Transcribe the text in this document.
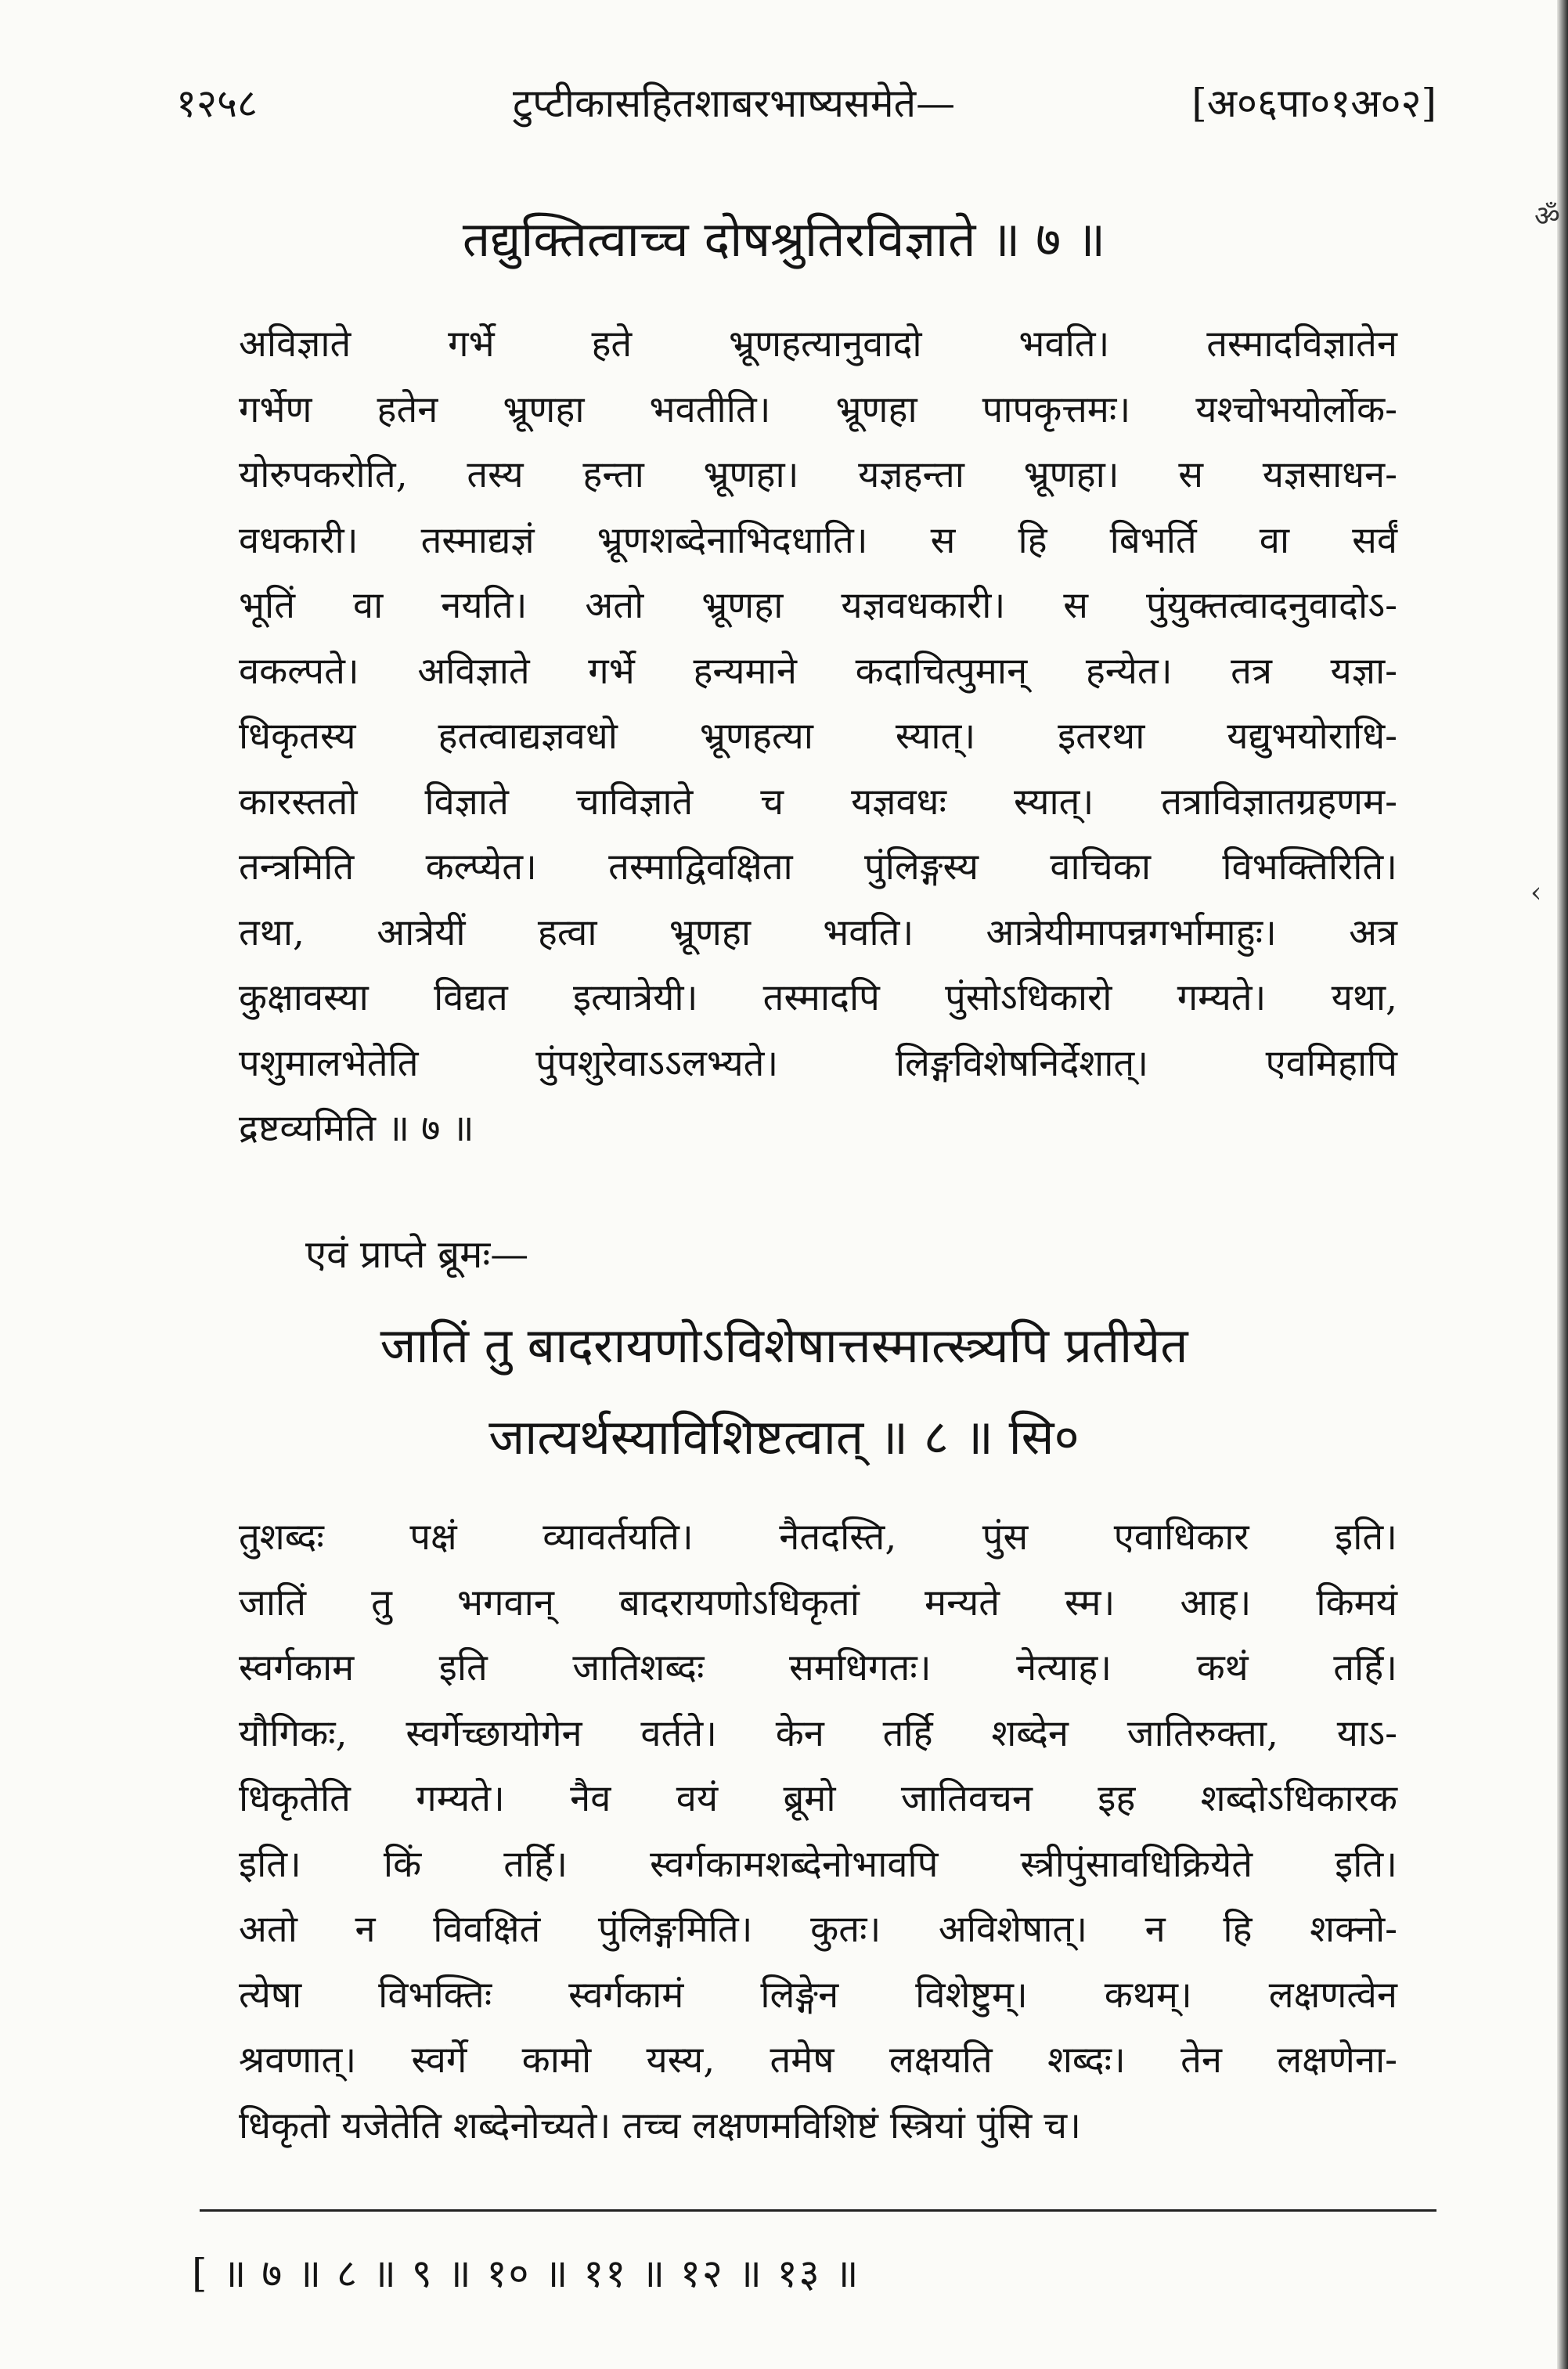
ॐ
‹
१२५८	टुप्टीकासहितशाबरभाष्यसमेते—	[अ०६पा०१अ०२]
तद्युक्तित्वाच्च दोषश्रुतिरविज्ञाते ॥ ७ ॥
अविज्ञाते गर्भे हते भ्रूणहत्यानुवादो भवति। तस्मादविज्ञातेन
गर्भेण हतेन भ्रूणहा भवतीति। भ्रूणहा पापकृत्तमः। यश्चोभयोर्लोक-
योरुपकरोति, तस्य हन्ता भ्रूणहा। यज्ञहन्ता भ्रूणहा। स यज्ञसाधन-
वधकारी। तस्माद्यज्ञं भ्रूणशब्देनाभिदधाति। स हि बिभर्ति वा सर्वं
भूतिं वा नयति। अतो भ्रूणहा यज्ञवधकारी। स पुंयुक्तत्वादनुवादोऽ-
वकल्पते। अविज्ञाते गर्भे हन्यमाने कदाचित्पुमान् हन्येत। तत्र यज्ञा-
धिकृतस्य हतत्वाद्यज्ञवधो भ्रूणहत्या स्यात्। इतरथा यद्युभयोराधि-
कारस्ततो विज्ञाते चाविज्ञाते च यज्ञवधः स्यात्। तत्राविज्ञातग्रहणम-
तन्त्रमिति कल्प्येत। तस्माद्विवक्षिता पुंलिङ्गस्य वाचिका विभक्तिरिति।
तथा, आत्रेयीं हत्वा भ्रूणहा भवति। आत्रेयीमापन्नगर्भामाहुः। अत्र
कुक्षावस्या विद्यत इत्यात्रेयी। तस्मादपि पुंसोऽधिकारो गम्यते। यथा,
पशुमालभेतेति पुंपशुरेवाऽऽलभ्यते। लिङ्गविशेषनिर्देशात्। एवमिहापि
द्रष्टव्यमिति ॥ ७ ॥
एवं प्राप्ते ब्रूमः—
जातिं तु बादरायणोऽविशेषात्तस्मात्स्त्र्यपि प्रतीयेत
जात्यर्थस्याविशिष्टत्वात् ॥ ८ ॥ सि०
तुशब्दः पक्षं व्यावर्तयति। नैतदस्ति, पुंस एवाधिकार इति।
जातिं तु भगवान् बादरायणोऽधिकृतां मन्यते स्म। आह। किमयं
स्वर्गकाम इति जातिशब्दः समधिगतः। नेत्याह। कथं तर्हि।
यौगिकः, स्वर्गेच्छायोगेन वर्तते। केन तर्हि शब्देन जातिरुक्ता, याऽ-
धिकृतेति गम्यते। नैव वयं ब्रूमो जातिवचन इह शब्दोऽधिकारक
इति। किं तर्हि। स्वर्गकामशब्देनोभावपि स्त्रीपुंसावधिक्रियेते इति।
अतो न विवक्षितं पुंलिङ्गमिति। कुतः। अविशेषात्। न हि शक्नो-
त्येषा विभक्तिः स्वर्गकामं लिङ्गेन विशेष्टुम्। कथम्। लक्षणत्वेन
श्रवणात्। स्वर्गे कामो यस्य, तमेष लक्षयति शब्दः। तेन लक्षणेना-
धिकृतो यजेतेति शब्देनोच्यते। तच्च लक्षणमविशिष्टं स्त्रियां पुंसि च।
[ ॥ ७ ॥ ८ ॥ ९ ॥ १० ॥ ११ ॥ १२ ॥ १३ ॥
